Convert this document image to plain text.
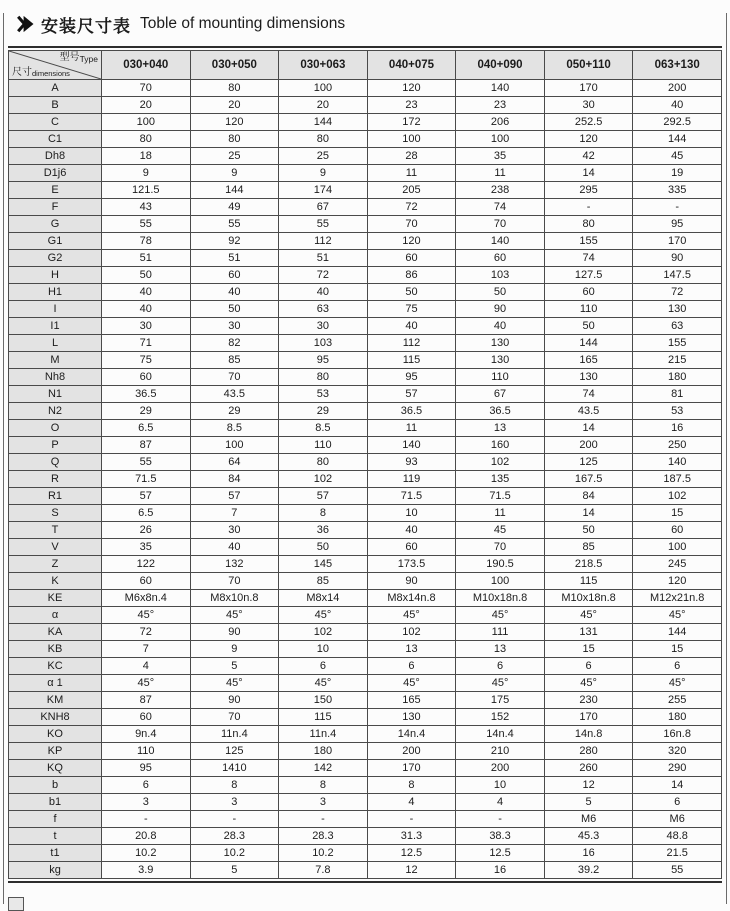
安装尺寸表 Toble of mounting dimensions
型号Type
尺寸dimensions	030+040	030+050	030+063	040+075	040+090	050+110	063+130
A	70	80	100	120	140	170	200
B	20	20	20	23	23	30	40
C	100	120	144	172	206	252.5	292.5
C1	80	80	80	100	100	120	144
Dh8	18	25	25	28	35	42	45
D1j6	9	9	9	11	11	14	19
E	121.5	144	174	205	238	295	335
F	43	49	67	72	74	-	-
G	55	55	55	70	70	80	95
G1	78	92	112	120	140	155	170
G2	51	51	51	60	60	74	90
H	50	60	72	86	103	127.5	147.5
H1	40	40	40	50	50	60	72
I	40	50	63	75	90	110	130
I1	30	30	30	40	40	50	63
L	71	82	103	112	130	144	155
M	75	85	95	115	130	165	215
Nh8	60	70	80	95	110	130	180
N1	36.5	43.5	53	57	67	74	81
N2	29	29	29	36.5	36.5	43.5	53
O	6.5	8.5	8.5	11	13	14	16
P	87	100	110	140	160	200	250
Q	55	64	80	93	102	125	140
R	71.5	84	102	119	135	167.5	187.5
R1	57	57	57	71.5	71.5	84	102
S	6.5	7	8	10	11	14	15
T	26	30	36	40	45	50	60
V	35	40	50	60	70	85	100
Z	122	132	145	173.5	190.5	218.5	245
K	60	70	85	90	100	115	120
KE	M6x8n.4	M8x10n.8	M8x14	M8x14n.8	M10x18n.8	M10x18n.8	M12x21n.8
α	45°	45°	45°	45°	45°	45°	45°
KA	72	90	102	102	111	131	144
KB	7	9	10	13	13	15	15
KC	4	5	6	6	6	6	6
α 1	45°	45°	45°	45°	45°	45°	45°
KM	87	90	150	165	175	230	255
KNH8	60	70	115	130	152	170	180
KO	9n.4	11n.4	11n.4	14n.4	14n.4	14n.8	16n.8
KP	110	125	180	200	210	280	320
KQ	95	1410	142	170	200	260	290
b	6	8	8	8	10	12	14
b1	3	3	3	4	4	5	6
f	-	-	-	-	-	M6	M6
t	20.8	28.3	28.3	31.3	38.3	45.3	48.8
t1	10.2	10.2	10.2	12.5	12.5	16	21.5
kg	3.9	5	7.8	12	16	39.2	55
